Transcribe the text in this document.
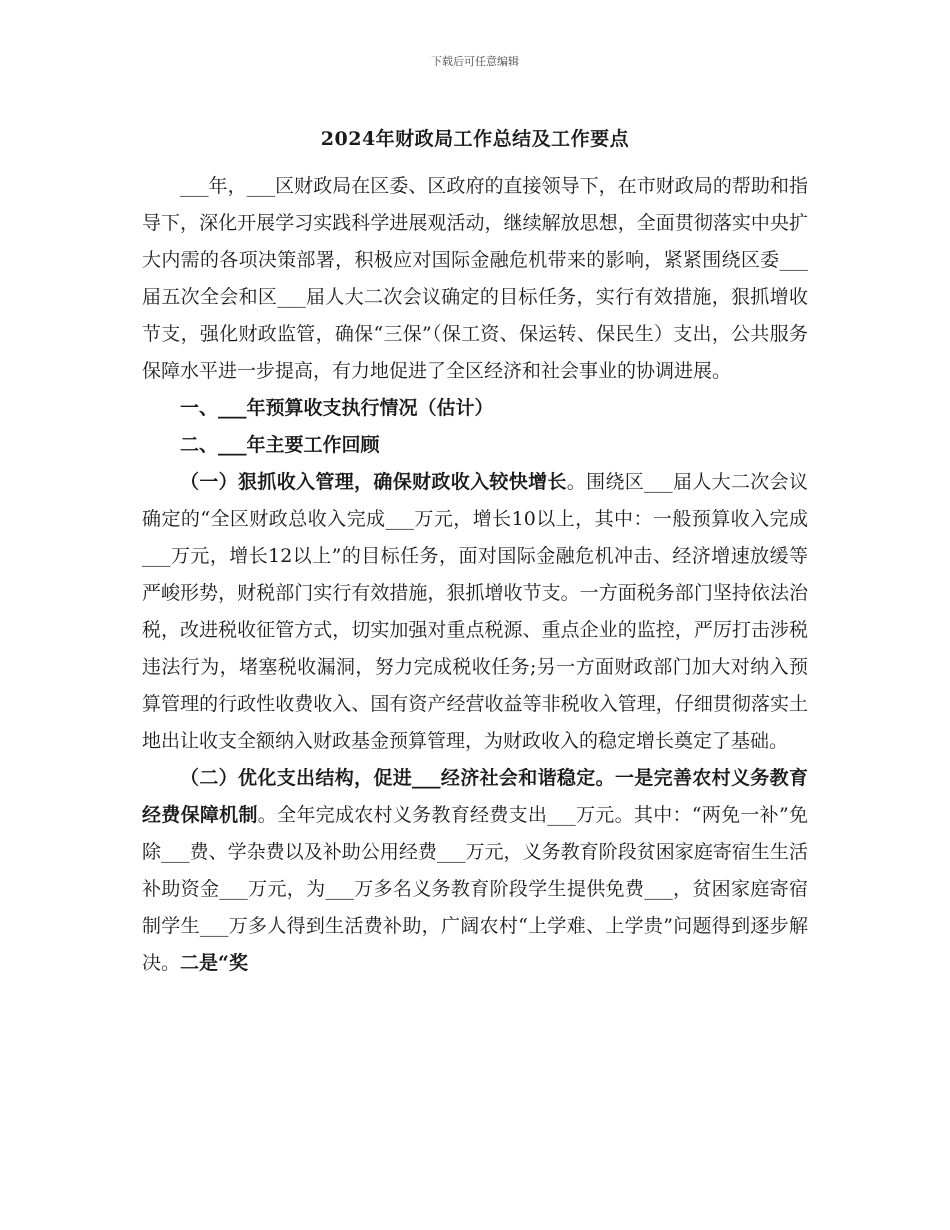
下载后可任意编辑
2024年财政局工作总结及工作要点

___年，___区财政局在区委、区政府的直接领导下，在市财政局的帮助和指导下，深化开展学习实践科学进展观活动，继续解放思想，全面贯彻落实中央扩大内需的各项决策部署，积极应对国际金融危机带来的影响，紧紧围绕区委___届五次全会和区___届人大二次会议确定的目标任务，实行有效措施，狠抓增收节支，强化财政监管，确保“三保”（保工资、保运转、保民生）支出，公共服务保障水平进一步提高，有力地促进了全区经济和社会事业的协调进展。

一、___年预算收支执行情况（估计）

二、___年主要工作回顾

（一）狠抓收入管理，确保财政收入较快增长。围绕区___届人大二次会议确定的“全区财政总收入完成___万元，增长10以上，其中：一般预算收入完成___万元，增长12以上”的目标任务，面对国际金融危机冲击、经济增速放缓等严峻形势，财税部门实行有效措施，狠抓增收节支。一方面税务部门坚持依法治税，改进税收征管方式，切实加强对重点税源、重点企业的监控，严厉打击涉税违法行为，堵塞税收漏洞，努力完成税收任务;另一方面财政部门加大对纳入预算管理的行政性收费收入、国有资产经营收益等非税收入管理，仔细贯彻落实土地出让收支全额纳入财政基金预算管理，为财政收入的稳定增长奠定了基础。

（二）优化支出结构，促进___经济社会和谐稳定。一是完善农村义务教育经费保障机制。全年完成农村义务教育经费支出___万元。其中：“两免一补”免除___费、学杂费以及补助公用经费___万元，义务教育阶段贫困家庭寄宿生生活补助资金___万元，为___万多名义务教育阶段学生提供免费___，贫困家庭寄宿制学生___万多人得到生活费补助，广阔农村“上学难、上学贵”问题得到逐步解决。二是“奖
